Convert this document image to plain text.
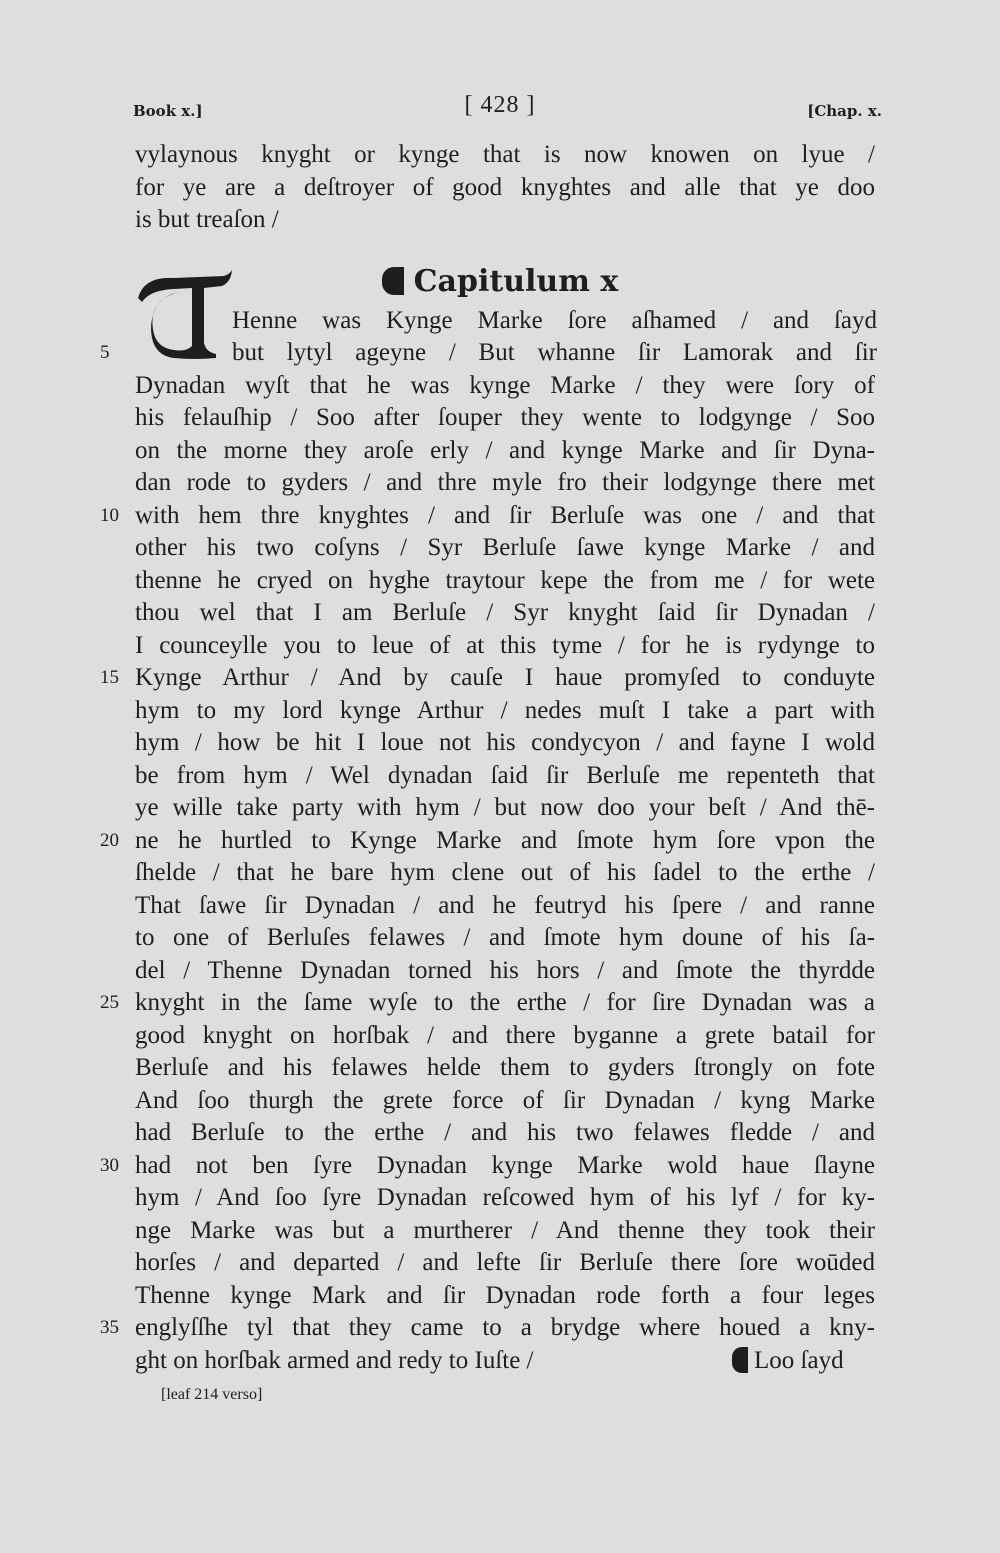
Book x.]	[ 428 ]	[Chap. x.
vylaynous knyght or kynge that is now knowen on lyue /
for ye are a deſtroyer of good knyghtes and alle that ye doo
is but treaſon /
Capitulum x
T
Henne was Kynge Marke ſore aſhamed / and ſayd
but lytyl ageyne / But whanne ſir Lamorak and ſir
Dynadan wyſt that he was kynge Marke / they were ſory of
his felauſhip / Soo after ſouper they wente to lodgynge / Soo
on the morne they aroſe erly / and kynge Marke and ſir Dyna-
dan rode to gyders / and thre myle fro their lodgynge there met
with hem thre knyghtes / and ſir Berluſe was one / and that
other his two coſyns / Syr Berluſe ſawe kynge Marke / and
thenne he cryed on hyghe traytour kepe the from me / for wete
thou wel that I am Berluſe / Syr knyght ſaid ſir Dynadan /
I counceylle you to leue of at this tyme / for he is rydynge to
Kynge Arthur / And by cauſe I haue promyſed to conduyte
hym to my lord kynge Arthur / nedes muſt I take a part with
hym / how be hit I loue not his condycyon / and fayne I wold
be from hym / Wel dynadan ſaid ſir Berluſe me repenteth that
ye wille take party with hym / but now doo your beſt / And thē-
ne he hurtled to Kynge Marke and ſmote hym ſore vpon the
ſhelde / that he bare hym clene out of his ſadel to the erthe /
That ſawe ſir Dynadan / and he feutryd his ſpere / and ranne
to one of Berluſes felawes / and ſmote hym doune of his ſa-
del / Thenne Dynadan torned his hors / and ſmote the thyrdde
knyght in the ſame wyſe to the erthe / for ſire Dynadan was a
good knyght on horſbak / and there byganne a grete batail for
Berluſe and his felawes helde them to gyders ſtrongly on fote
And ſoo thurgh the grete force of ſir Dynadan / kyng Marke
had Berluſe to the erthe / and his two felawes fledde / and
had not ben ſyre Dynadan kynge Marke wold haue ſlayne
hym / And ſoo ſyre Dynadan reſcowed hym of his lyf / for ky-
nge Marke was but a murtherer / And thenne they took their
horſes / and departed / and lefte ſir Berluſe there ſore woūded
Thenne kynge Mark and ſir Dynadan rode forth a four leges
englyſſhe tyl that they came to a brydge where houed a kny-
ght on horſbak armed and redy to Iuſte /	Loo ſayd
5
10
15
20
25
30
35
[leaf 214 verso]
